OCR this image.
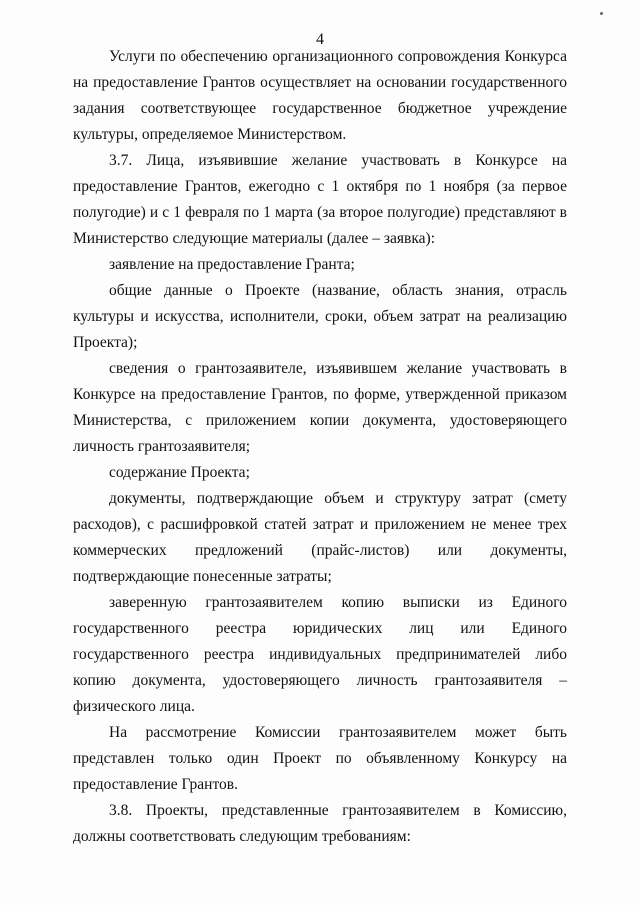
4

Услуги по обеспечению организационного сопровождения Конкурса на предоставление Грантов осуществляет на основании государственного задания соответствующее государственное бюджетное учреждение культуры, определяемое Министерством.

3.7. Лица, изъявившие желание участвовать в Конкурсе на предоставление Грантов, ежегодно с 1 октября по 1 ноября (за первое полугодие) и с 1 февраля по 1 марта (за второе полугодие) представляют в Министерство следующие материалы (далее – заявка):

заявление на предоставление Гранта;

общие данные о Проекте (название, область знания, отрасль культуры и искусства, исполнители, сроки, объем затрат на реализацию Проекта);

сведения о грантозаявителе, изъявившем желание участвовать в Конкурсе на предоставление Грантов, по форме, утвержденной приказом Министерства, с приложением копии документа, удостоверяющего личность грантозаявителя;

содержание Проекта;

документы, подтверждающие объем и структуру затрат (смету расходов), с расшифровкой статей затрат и приложением не менее трех коммерческих предложений (прайс-листов) или документы, подтверждающие понесенные затраты;

заверенную грантозаявителем копию выписки из Единого государственного реестра юридических лиц или Единого государственного реестра индивидуальных предпринимателей либо копию документа, удостоверяющего личность грантозаявителя – физического лица.

На рассмотрение Комиссии грантозаявителем может быть представлен только один Проект по объявленному Конкурсу на предоставление Грантов.

3.8. Проекты, представленные грантозаявителем в Комиссию, должны соответствовать следующим требованиям:
